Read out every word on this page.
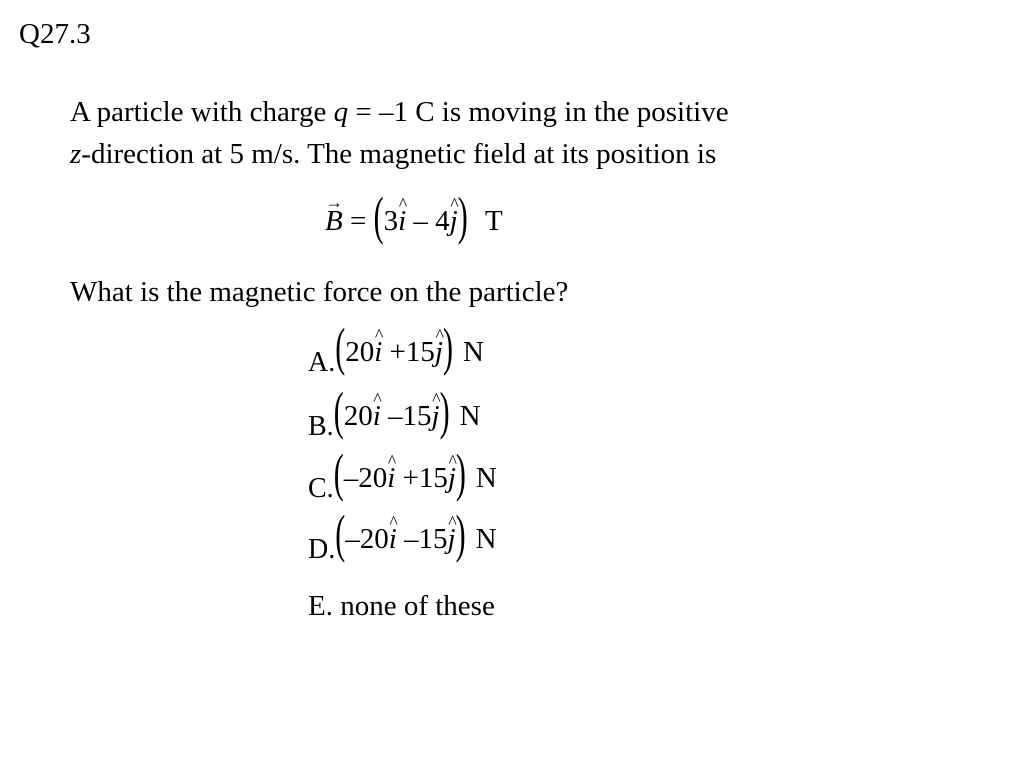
Q27.3
A particle with charge q = –1 C is moving in the positive
z-direction at 5 m/s. The magnetic field at its position is
B → = (3i ^ – 4j ^) T
What is the magnetic force on the particle?
A.(20i ^ +15j ^) N
B.(20i ^ –15j ^) N
C.(–20i ^ +15j ^) N
D.(–20i ^ –15j ^) N
E. none of these
